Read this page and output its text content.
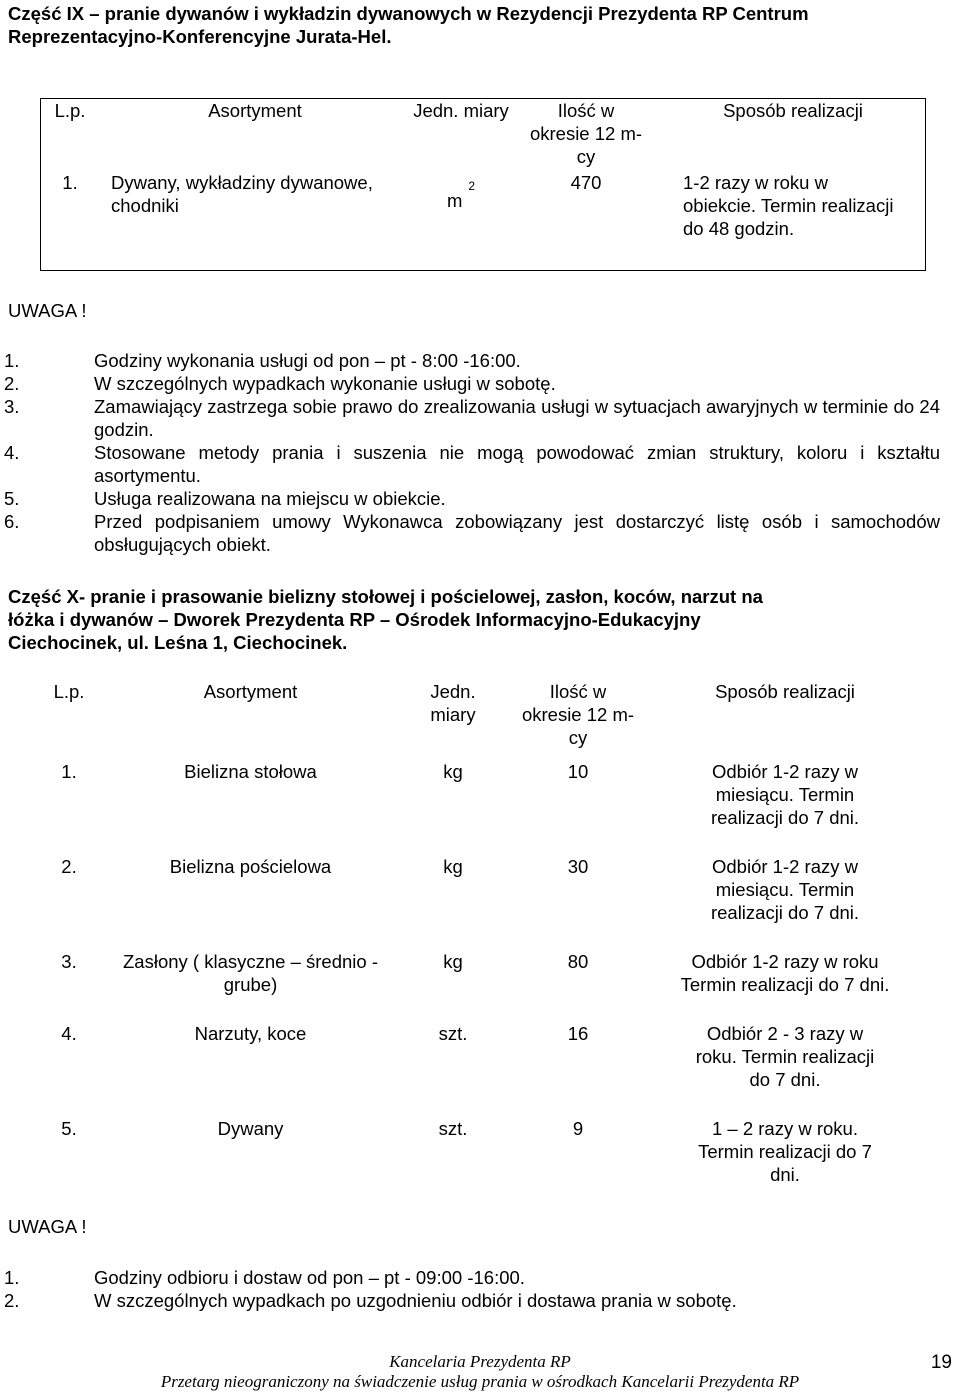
Część IX – pranie dywanów i wykładzin dywanowych w Rezydencji Prezydenta RP Centrum Reprezentacyjno-Konferencyjne Jurata-Hel.
L.p.	Asortyment	Jedn. miary	Ilość w okresie 12 m-cy	Sposób realizacji
1.	Dywany, wykładziny dywanowe, chodniki	$m^2$	470	1-2 razy w roku w obiekcie. Termin realizacji do 48 godzin.
UWAGA !
1.	Godziny wykonania usługi od pon – pt - 8:00 -16:00.
2.	W szczególnych wypadkach wykonanie usługi w sobotę.
3.	Zamawiający zastrzega sobie prawo do zrealizowania usługi w sytuacjach awaryjnych w terminie do 24 godzin.
4.	Stosowane metody prania i suszenia nie mogą powodować zmian struktury, koloru i kształtu asortymentu.
5.	Usługa realizowana na miejscu w obiekcie.
6.	Przed podpisaniem umowy Wykonawca zobowiązany jest dostarczyć listę osób i samochodów obsługujących obiekt.
Część X- pranie i prasowanie bielizny stołowej i pościelowej, zasłon, koców, narzut na łóżka i dywanów – Dworek Prezydenta RP – Ośrodek Informacyjno-Edukacyjny Ciechocinek, ul. Leśna 1, Ciechocinek.
L.p.	Asortyment	Jedn. miary	Ilość w okresie 12 m-cy	Sposób realizacji
1.	Bielizna stołowa	kg	10	Odbiór 1-2 razy w miesiącu. Termin realizacji do 7 dni.
2.	Bielizna pościelowa	kg	30	Odbiór 1-2 razy w miesiącu. Termin realizacji do 7 dni.
3.	Zasłony ( klasyczne – średnio - grube)	kg	80	Odbiór 1-2 razy w roku Termin realizacji do 7 dni.
4.	Narzuty, koce	szt.	16	Odbiór 2 - 3 razy w roku. Termin realizacji do 7 dni.
5.	Dywany	szt.	9	1 – 2 razy w roku. Termin realizacji do 7 dni.
UWAGA !
1.	Godziny odbioru i dostaw od pon – pt - 09:00 -16:00.
2.	W szczególnych wypadkach po uzgodnieniu odbiór i dostawa prania w sobotę.
Kancelaria Prezydenta RP
Przetarg nieograniczony na świadczenie usług prania w ośrodkach Kancelarii Prezydenta RP
19
